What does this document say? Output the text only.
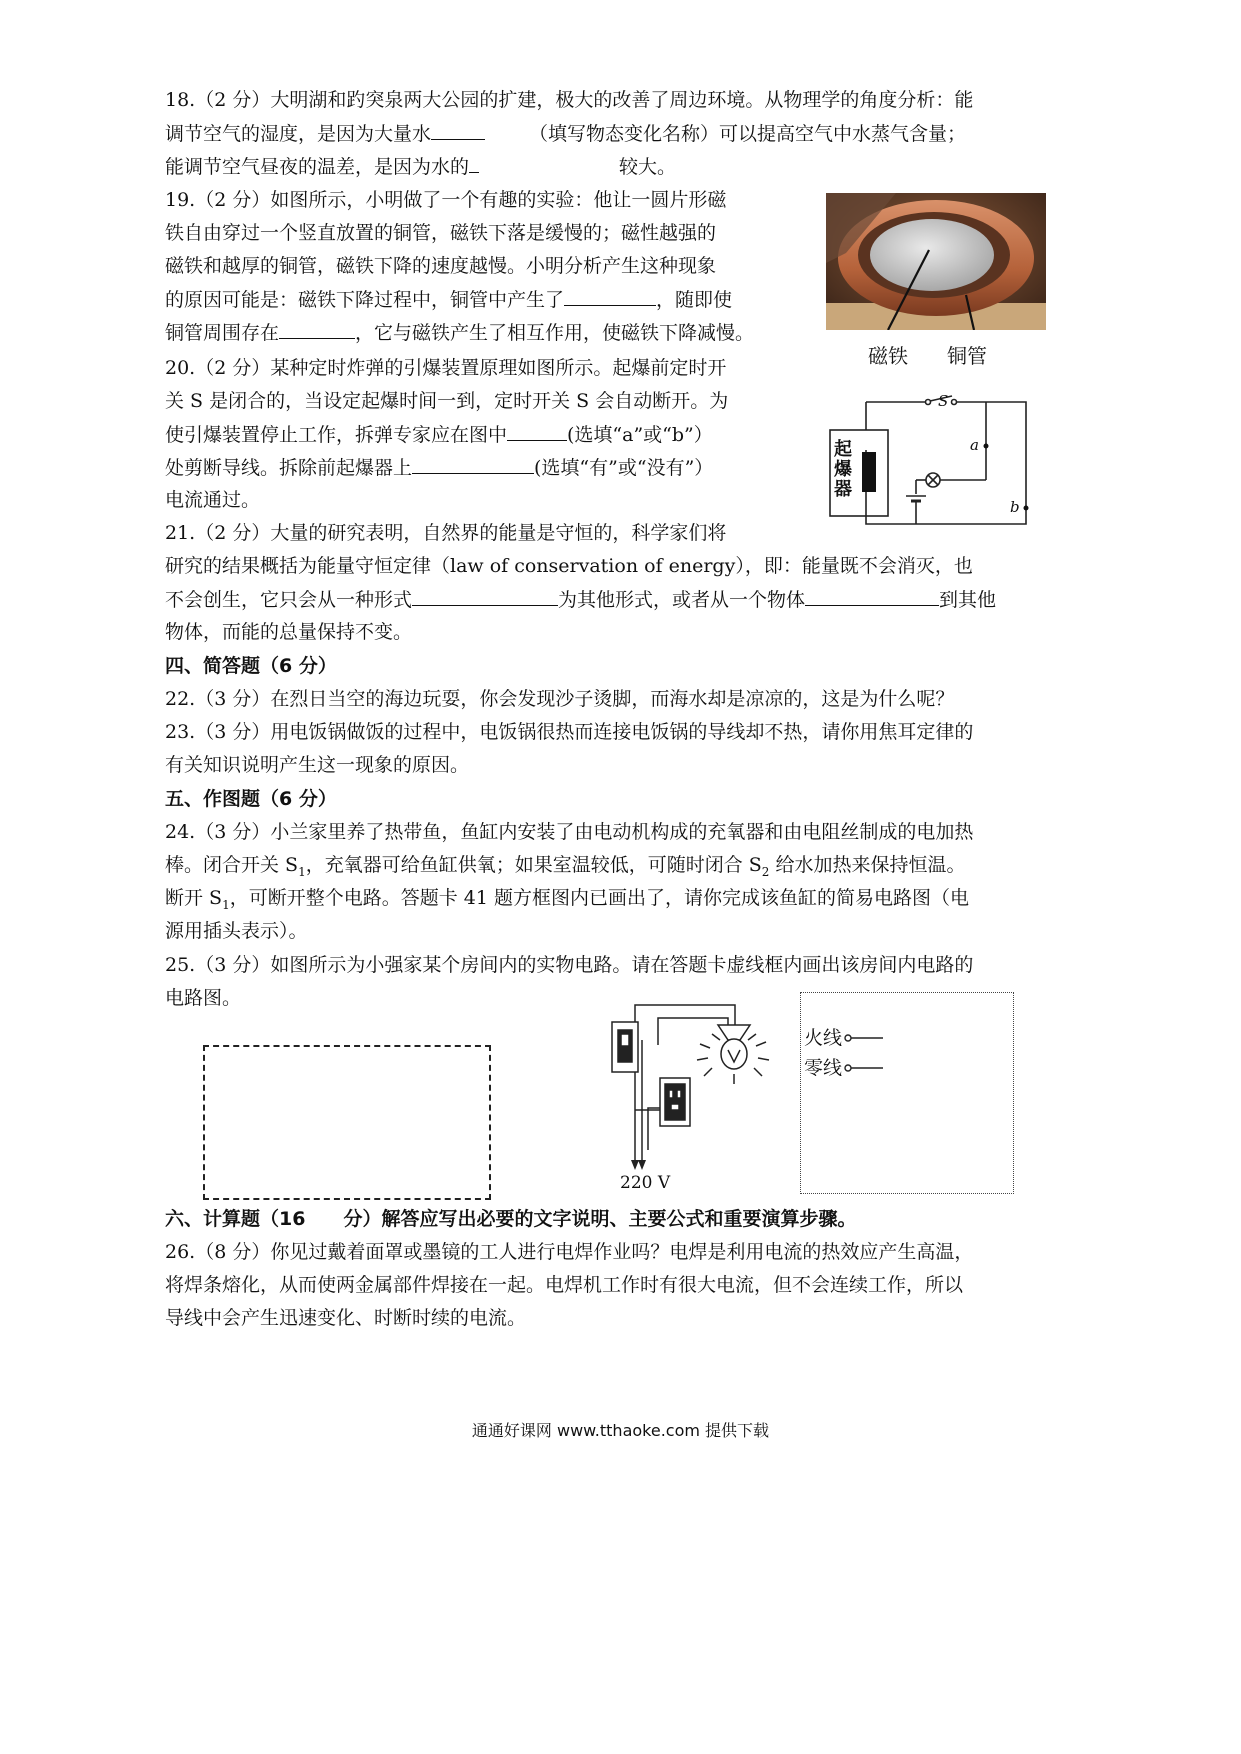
18.（2 分）大明湖和趵突泉两大公园的扩建，极大的改善了周边环境。从物理学的角度分析：能
调节空气的湿度，是因为大量水	（填写物态变化名称）可以提高空气中水蒸气含量；
能调节空气昼夜的温差，是因为水的	较大。
19.（2 分）如图所示，小明做了一个有趣的实验：他让一圆片形磁
铁自由穿过一个竖直放置的铜管，磁铁下落是缓慢的；磁性越强的
磁铁和越厚的铜管，磁铁下降的速度越慢。小明分析产生这种现象
的原因可能是：磁铁下降过程中，铜管中产生了	，随即使
铜管周围存在	，它与磁铁产生了相互作用，使磁铁下降减慢。
磁铁 铜管
20.（2 分）某种定时炸弹的引爆装置原理如图所示。起爆前定时开
关 S 是闭合的，当设定起爆时间一到，定时开关 S 会自动断开。为
使引爆装置停止工作，拆弹专家应在图中	(选填“a”或“b”）
处剪断导线。拆除前起爆器上	(选填“有”或“没有”）
电流通过。
起爆器
S
a
b
21.（2 分）大量的研究表明，自然界的能量是守恒的，科学家们将
研究的结果概括为能量守恒定律（law of conservation of energy），即：能量既不会消灭，也
不会创生，它只会从一种形式	为其他形式，或者从一个物体	到其他
物体，而能的总量保持不变。
四、简答题（6 分）
22.（3 分）在烈日当空的海边玩耍，你会发现沙子烫脚，而海水却是凉凉的，这是为什么呢？
23.（3 分）用电饭锅做饭的过程中，电饭锅很热而连接电饭锅的导线却不热，请你用焦耳定律的
有关知识说明产生这一现象的原因。
五、作图题（6 分）
24.（3 分）小兰家里养了热带鱼，鱼缸内安装了由电动机构成的充氧器和由电阻丝制成的电加热
棒。闭合开关 $S_1$，充氧器可给鱼缸供氧；如果室温较低，可随时闭合 $S_2$ 给水加热来保持恒温。
断开 $S_1$，可断开整个电路。答题卡 41 题方框图内已画出了，请你完成该鱼缸的简易电路图（电
源用插头表示）。
25.（3 分）如图所示为小强家某个房间内的实物电路。请在答题卡虚线框内画出该房间内电路的
电路图。
220 V
火线
零线
六、计算题（16　　分）解答应写出必要的文字说明、主要公式和重要演算步骤。
26.（8 分）你见过戴着面罩或墨镜的工人进行电焊作业吗？电焊是利用电流的热效应产生高温，
将焊条熔化，从而使两金属部件焊接在一起。电焊机工作时有很大电流，但不会连续工作，所以
导线中会产生迅速变化、时断时续的电流。
通通好课网 www.tthaoke.com 提供下载
